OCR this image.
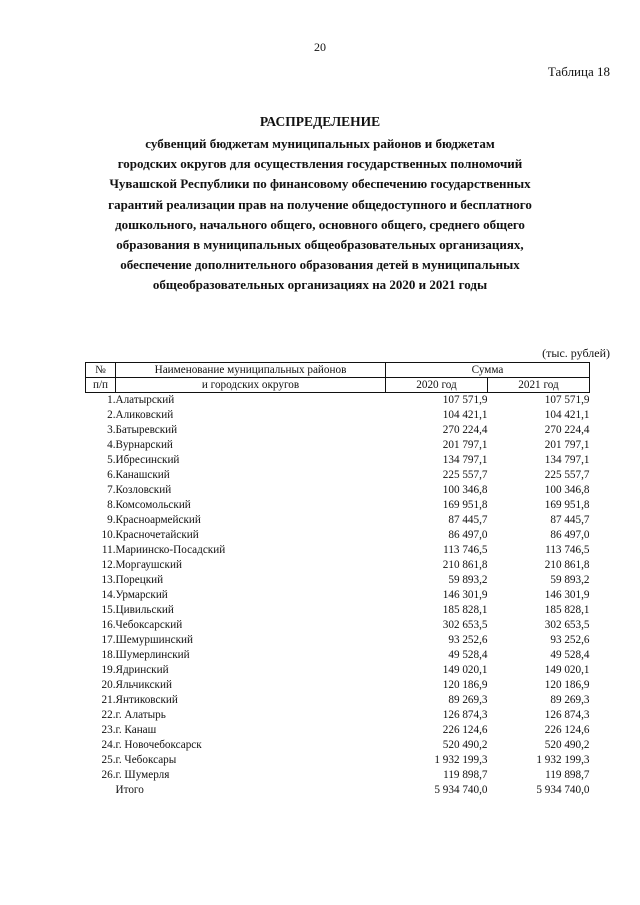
20
Таблица 18
РАСПРЕДЕЛЕНИЕ
субвенций бюджетам муниципальных районов и бюджетам
городских округов для осуществления государственных полномочий
Чувашской Республики по финансовому обеспечению государственных
гарантий реализации прав на получение общедоступного и бесплатного
дошкольного, начального общего, основного общего, среднего общего
образования в муниципальных общеобразовательных организациях,
обеспечение дополнительного образования детей в муниципальных
общеобразовательных организациях на 2020 и 2021 годы
(тыс. рублей)
№	Наименование муниципальных районов	Сумма	
п/п	и городских округов	2020 год	2021 год
1.	Алатырский	107 571,9	107 571,9
2.	Аликовский	104 421,1	104 421,1
3.	Батыревский	270 224,4	270 224,4
4.	Вурнарский	201 797,1	201 797,1
5.	Ибресинский	134 797,1	134 797,1
6.	Канашский	225 557,7	225 557,7
7.	Козловский	100 346,8	100 346,8
8.	Комсомольский	169 951,8	169 951,8
9.	Красноармейский	87 445,7	87 445,7
10.	Красночетайский	86 497,0	86 497,0
11.	Мариинско-Посадский	113 746,5	113 746,5
12.	Моргаушский	210 861,8	210 861,8
13.	Порецкий	59 893,2	59 893,2
14.	Урмарский	146 301,9	146 301,9
15.	Цивильский	185 828,1	185 828,1
16.	Чебоксарский	302 653,5	302 653,5
17.	Шемуршинский	93 252,6	93 252,6
18.	Шумерлинский	49 528,4	49 528,4
19.	Ядринский	149 020,1	149 020,1
20.	Яльчикский	120 186,9	120 186,9
21.	Янтиковский	89 269,3	89 269,3
22.	г. Алатырь	126 874,3	126 874,3
23.	г. Канаш	226 124,6	226 124,6
24.	г. Новочебоксарск	520 490,2	520 490,2
25.	г. Чебоксары	1 932 199,3	1 932 199,3
26.	г. Шумерля	119 898,7	119 898,7
	Итого	5 934 740,0	5 934 740,0
